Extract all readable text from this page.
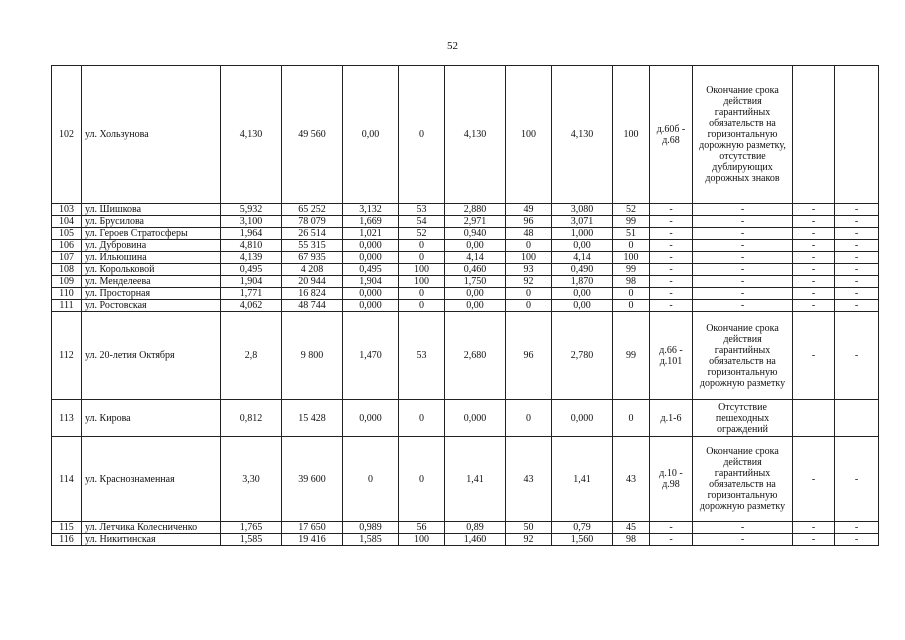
52
102	ул. Хользунова	4,130	49 560	0,00	0	4,130	100	4,130	100	д.60б - д.68	Окончание срока действия гарантийных обязательств на горизонтальную дорожную разметку, отсутствие дублирующих дорожных знаков		
103	ул. Шишкова	5,932	65 252	3,132	53	2,880	49	3,080	52	-	-	-	-
104	ул. Брусилова	3,100	78 079	1,669	54	2,971	96	3,071	99	-	-	-	-
105	ул. Героев Стратосферы	1,964	26 514	1,021	52	0,940	48	1,000	51	-	-	-	-
106	ул. Дубровина	4,810	55 315	0,000	0	0,00	0	0,00	0	-	-	-	-
107	ул. Ильюшина	4,139	67 935	0,000	0	4,14	100	4,14	100	-	-	-	-
108	ул. Корольковой	0,495	4 208	0,495	100	0,460	93	0,490	99	-	-	-	-
109	ул. Менделеева	1,904	20 944	1,904	100	1,750	92	1,870	98	-	-	-	-
110	ул. Просторная	1,771	16 824	0,000	0	0,00	0	0,00	0	-	-	-	-
111	ул. Ростовская	4,062	48 744	0,000	0	0,00	0	0,00	0	-	-	-	-
112	ул. 20-летия Октября	2,8	9 800	1,470	53	2,680	96	2,780	99	д.66 - д.101	Окончание срока действия гарантийных обязательств на горизонтальную дорожную разметку	-	-
113	ул. Кирова	0,812	15 428	0,000	0	0,000	0	0,000	0	д.1-6	Отсутствие пешеходных ограждений		
114	ул. Краснознаменная	3,30	39 600	0	0	1,41	43	1,41	43	д.10 - д.98	Окончание срока действия гарантийных обязательств на горизонтальную дорожную разметку	-	-
115	ул. Летчика Колесниченко	1,765	17 650	0,989	56	0,89	50	0,79	45	-	-	-	-
116	ул. Никитинская	1,585	19 416	1,585	100	1,460	92	1,560	98	-	-	-	-
